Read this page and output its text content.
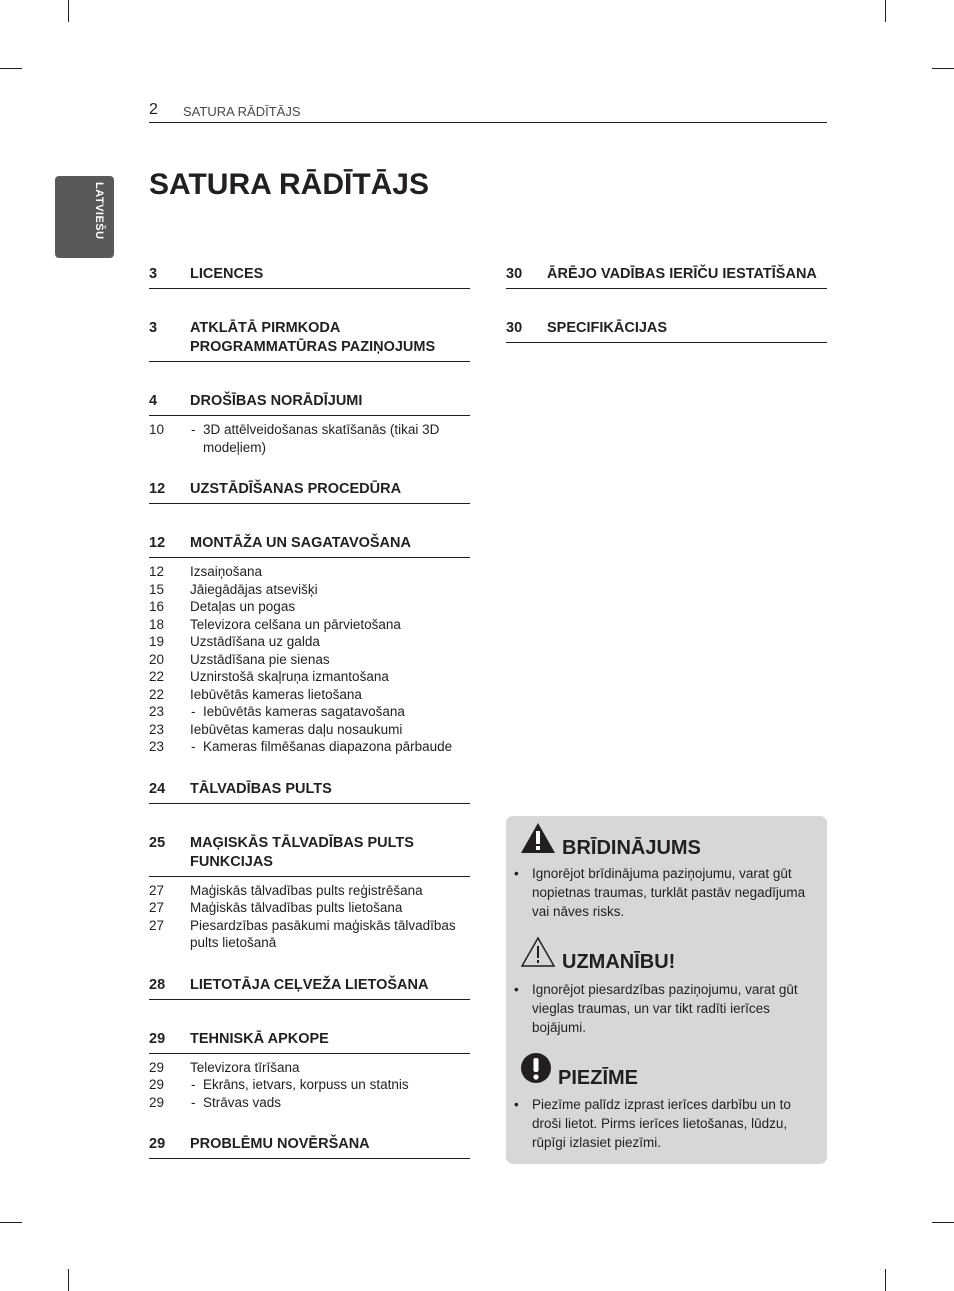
2 SATURA RĀDĪTĀJS
LATVIEŠU SATURA RĀDĪTĀJS
3	LICENCES
3	ATKLĀTĀ PIRMKODA PROGRAMMATŪRAS PAZIŅOJUMS
4	DROŠĪBAS NORĀDĪJUMI
10 - 3D attēlveidošanas skatīšanās (tikai 3D modeļiem)
12	UZSTĀDĪŠANAS PROCEDŪRA
12	MONTĀŽA UN SAGATAVOŠANA
12	Izsaiņošana
15	Jāiegādājas atsevišķi
16	Detaļas un pogas
18	Televizora celšana un pārvietošana
19	Uzstādīšana uz galda
20	Uzstādīšana pie sienas
22	Uznirstošā skaļruņa izmantošana
22	Iebūvētās kameras lietošana
23 - Iebūvētās kameras sagatavošana
23	Iebūvētas kameras daļu nosaukumi
23 - Kameras filmēšanas diapazona pārbaude
24	TĀLVADĪBAS PULTS
25	MAĢISKĀS TĀLVADĪBAS PULTS FUNKCIJAS
27	Maģiskās tālvadības pults reģistrēšana
27	Maģiskās tālvadības pults lietošana
27	Piesardzības pasākumi maģiskās tālvadības pults lietošanā
28	LIETOTĀJA CEĻVEŽA LIETOŠANA
29	TEHNISKĀ APKOPE
29	Televizora tīrīšana
29 - Ekrāns, ietvars, korpuss un statnis
29 - Strāvas vads
29	PROBLĒMU NOVĒRŠANA
30	ĀRĒJO VADĪBAS IERĪČU IESTATĪŠANA
30	SPECIFIKĀCIJAS
BRĪDINĀJUMS
• Ignorējot brīdinājuma paziņojumu, varat gūt nopietnas traumas, turklāt pastāv negadījuma vai nāves risks.
UZMANĪBU!
• Ignorējot piesardzības paziņojumu, varat gūt vieglas traumas, un var tikt radīti ierīces bojājumi.
PIEZĪME
• Piezīme palīdz izprast ierīces darbību un to droši lietot. Pirms ierīces lietošanas, lūdzu, rūpīgi izlasiet piezīmi.
